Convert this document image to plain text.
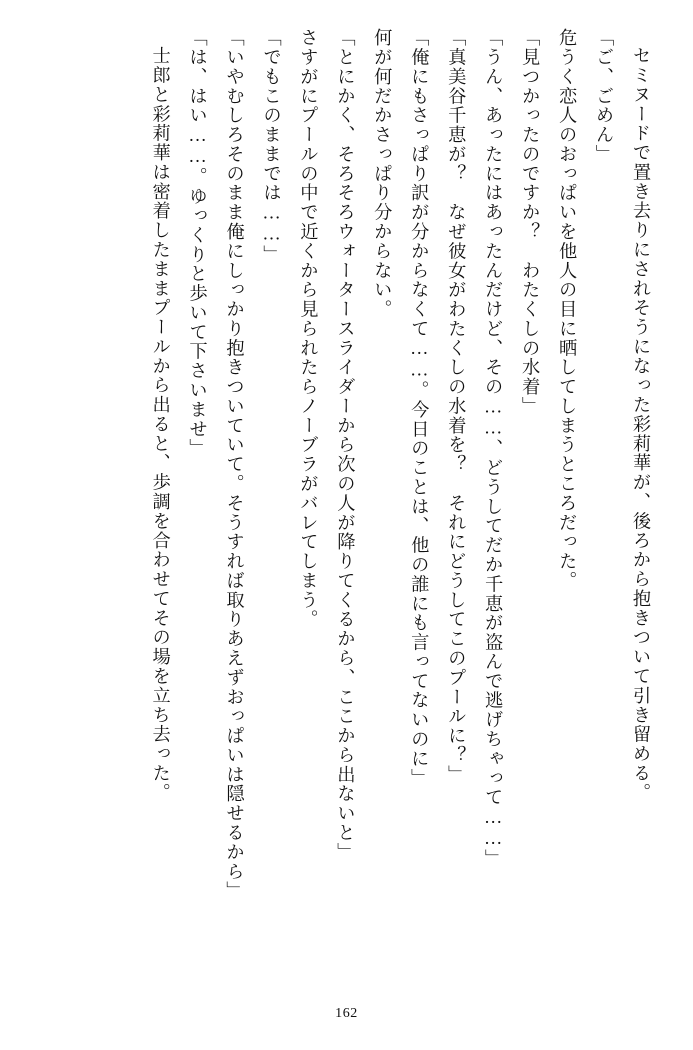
セミヌードで置き去りにされそうになった彩莉華が、後ろから抱きついて引き留める。

「ご、ごめん」

危うく恋人のおっぱいを他人の目に晒してしまうところだった。

「見つかったのですか？　わたくしの水着」

「うん、あったにはあったんだけど、その……、どうしてだか千恵が盗んで逃げちゃって……」

「真美谷千恵が？　なぜ彼女がわたくしの水着を？　それにどうしてこのプールに？」

「俺にもさっぱり訳が分からなくて……。今日のことは、他の誰にも言ってないのに」

何が何だかさっぱり分からない。

「とにかく、そろそろウォータースライダーから次の人が降りてくるから、ここから出ないと」

さすがにプールの中で近くから見られたらノーブラがバレてしまう。

「でもこのままでは……」

「いやむしろそのまま俺にしっかり抱きついていて。そうすれば取りあえずおっぱいは隠せるから」

「は、はい……。ゆっくりと歩いて下さいませ」

士郎と彩莉華は密着したままプールから出ると、歩調を合わせてその場を立ち去った。

162
